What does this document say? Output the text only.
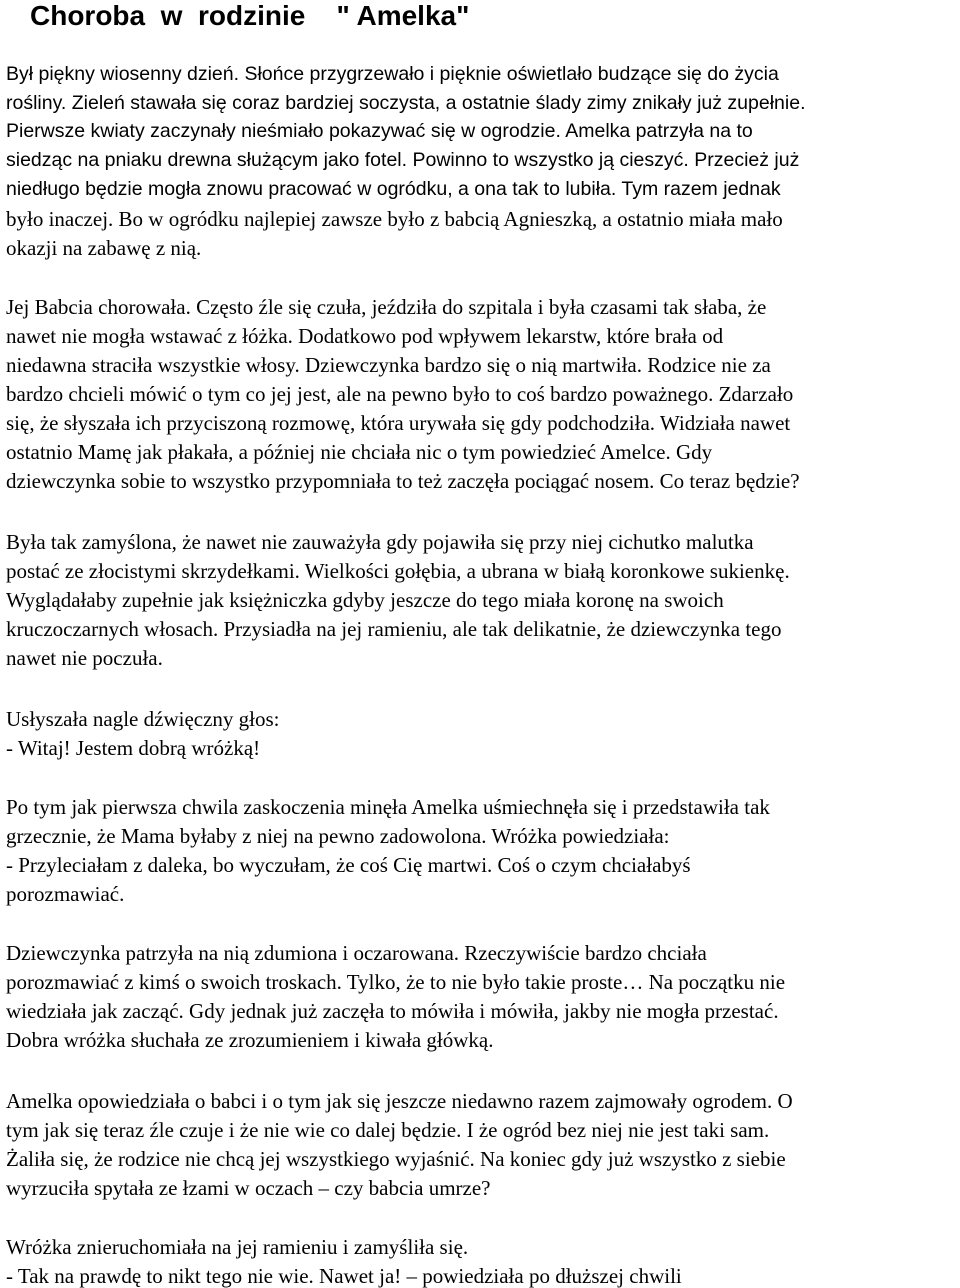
Choroba  w  rodzinie    " Amelka"

Był piękny wiosenny dzień. Słońce przygrzewało i pięknie oświetlało budzące się do życia

rośliny. Zieleń stawała się coraz bardziej soczysta, a ostatnie ślady zimy znikały już zupełnie.

Pierwsze kwiaty zaczynały nieśmiało pokazywać się w ogrodzie. Amelka patrzyła na to

siedząc na pniaku drewna służącym jako fotel. Powinno to wszystko ją cieszyć. Przecież już

niedługo będzie mogła znowu pracować w ogródku, a ona tak to lubiła. Tym razem jednak

było inaczej. Bo w ogródku najlepiej zawsze było z babcią Agnieszką, a ostatnio miała mało

okazji na zabawę z nią.

Jej Babcia chorowała. Często źle się czuła, jeździła do szpitala i była czasami tak słaba, że

nawet nie mogła wstawać z łóżka. Dodatkowo pod wpływem lekarstw, które brała od

niedawna straciła wszystkie włosy. Dziewczynka bardzo się o nią martwiła. Rodzice nie za

bardzo chcieli mówić o tym co jej jest, ale na pewno było to coś bardzo poważnego. Zdarzało

się, że słyszała ich przyciszoną rozmowę, która urywała się gdy podchodziła. Widziała nawet

ostatnio Mamę jak płakała, a później nie chciała nic o tym powiedzieć Amelce. Gdy

dziewczynka sobie to wszystko przypomniała to też zaczęła pociągać nosem. Co teraz będzie?

Była tak zamyślona, że nawet nie zauważyła gdy pojawiła się przy niej cichutko malutka

postać ze złocistymi skrzydełkami. Wielkości gołębia, a ubrana w białą koronkowe sukienkę.

Wyglądałaby zupełnie jak księżniczka gdyby jeszcze do tego miała koronę na swoich

kruczoczarnych włosach. Przysiadła na jej ramieniu, ale tak delikatnie, że dziewczynka tego

nawet nie poczuła.

Usłyszała nagle dźwięczny głos:

- Witaj! Jestem dobrą wróżką!

Po tym jak pierwsza chwila zaskoczenia minęła Amelka uśmiechnęła się i przedstawiła tak

grzecznie, że Mama byłaby z niej na pewno zadowolona. Wróżka powiedziała:

- Przyleciałam z daleka, bo wyczułam, że coś Cię martwi. Coś o czym chciałabyś

porozmawiać.

Dziewczynka patrzyła na nią zdumiona i oczarowana. Rzeczywiście bardzo chciała

porozmawiać z kimś o swoich troskach. Tylko, że to nie było takie proste… Na początku nie

wiedziała jak zacząć. Gdy jednak już zaczęła to mówiła i mówiła, jakby nie mogła przestać.

Dobra wróżka słuchała ze zrozumieniem i kiwała główką.

Amelka opowiedziała o babci i o tym jak się jeszcze niedawno razem zajmowały ogrodem. O

tym jak się teraz źle czuje i że nie wie co dalej będzie. I że ogród bez niej nie jest taki sam.

Żaliła się, że rodzice nie chcą jej wszystkiego wyjaśnić. Na koniec gdy już wszystko z siebie

wyrzuciła spytała ze łzami w oczach – czy babcia umrze?

Wróżka znieruchomiała na jej ramieniu i zamyśliła się.

- Tak na prawdę to nikt tego nie wie. Nawet ja! – powiedziała po dłuższej chwili
